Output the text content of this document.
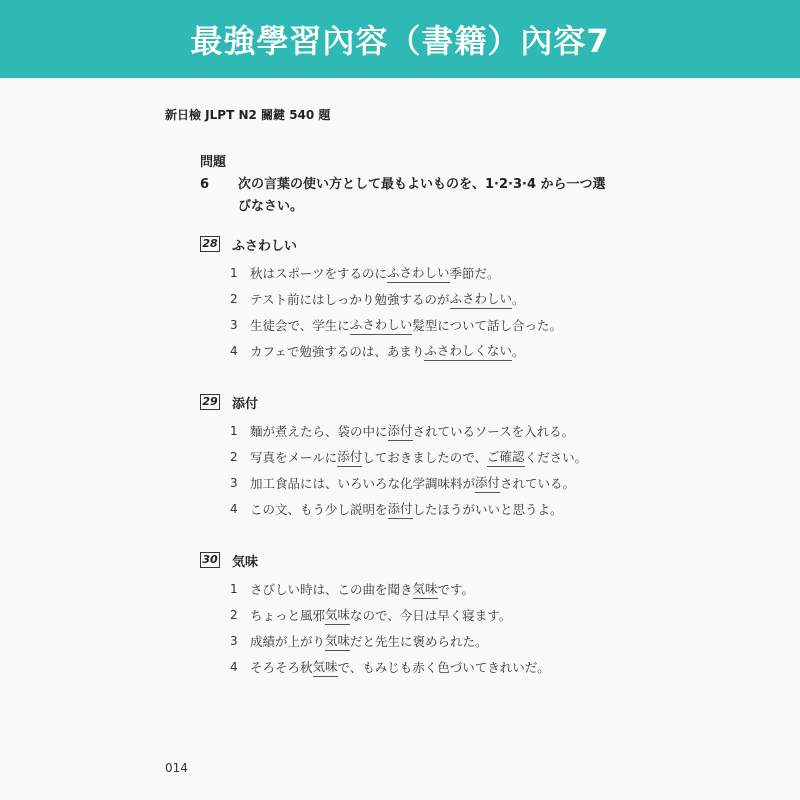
最強學習內容（書籍）內容7
新日檢 JLPT N2 關鍵 540 題
問題 6 次の言葉の使い方として最もよいものを、1·2·3·4 から一つ選
びなさい。
28 ふさわしい
1 秋はスポーツをするのに ふさわしい 季節だ。
2 テスト前にはしっかり勉強するのが ふさわしい 。
3 生徒会で、学生に ふさわしい 髪型について話し合った。
4 カフェで勉強するのは、あまり ふさわしくない 。
29 添付
1 麵が煮えたら、袋の中に 添付 されているソースを入れる。
2 写真をメールに 添付 しておきましたので、 ご確認 ください。
3 加工食品には、いろいろな化学調味料が 添付 されている。
4 この文、もう少し説明を 添付 したほうがいいと思うよ。
30 気味
1 さびしい時は、この曲を聞き 気味 です。
2 ちょっと風邪 気味 なので、今日は早く寝ます。
3 成績が上がり 気味 だと先生に褒められた。
4 そろそろ秋 気味 で、もみじも赤く色づいてきれいだ。
014
